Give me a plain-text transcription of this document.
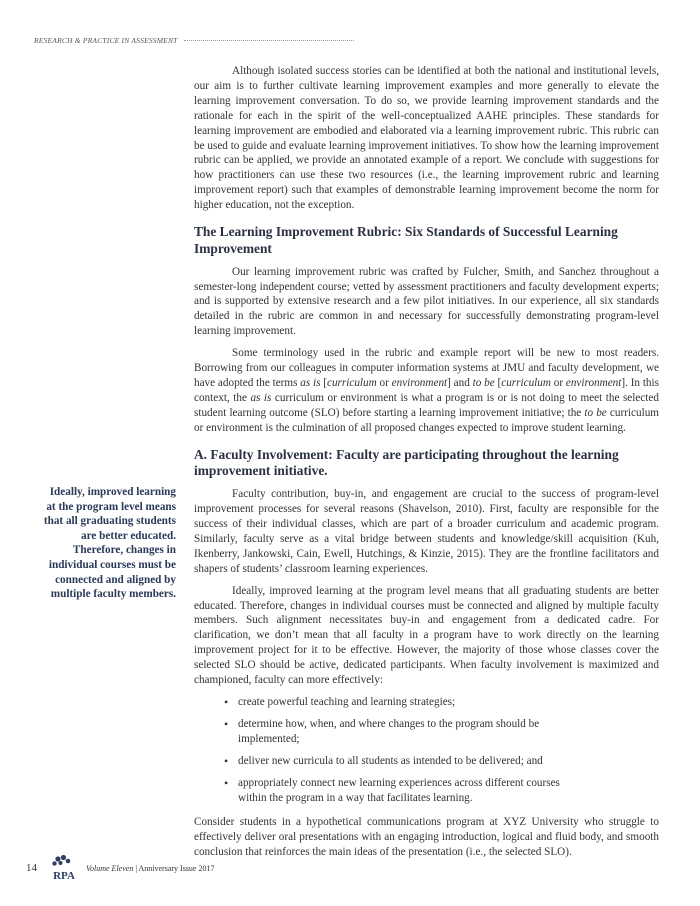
RESEARCH & PRACTICE IN ASSESSMENT

Although isolated success stories can be identified at both the national and institutional levels, our aim is to further cultivate learning improvement examples and more generally to elevate the learning improvement conversation. To do so, we provide learning improvement standards and the rationale for each in the spirit of the well-conceptualized AAHE principles. These standards for learning improvement are embodied and elaborated via a learning improvement rubric. This rubric can be used to guide and evaluate learning improvement initiatives. To show how the learning improvement rubric can be applied, we provide an annotated example of a report. We conclude with suggestions for how practitioners can use these two resources (i.e., the learning improvement rubric and learning improvement report) such that examples of demonstrable learning improvement become the norm for higher education, not the exception.

The Learning Improvement Rubric: Six Standards of Successful Learning Improvement

Our learning improvement rubric was crafted by Fulcher, Smith, and Sanchez throughout a semester-long independent course; vetted by assessment practitioners and faculty development experts; and is supported by extensive research and a few pilot initiatives. In our experience, all six standards detailed in the rubric are common in and necessary for successfully demonstrating program-level learning improvement.

Some terminology used in the rubric and example report will be new to most readers. Borrowing from our colleagues in computer information systems at JMU and faculty development, we have adopted the terms as is [curriculum or environment] and to be [curriculum or environment]. In this context, the as is curriculum or environment is what a program is or is not doing to meet the selected student learning outcome (SLO) before starting a learning improvement initiative; the to be curriculum or environment is the culmination of all proposed changes expected to improve student learning.

A. Faculty Involvement: Faculty are participating throughout the learning improvement initiative.

Faculty contribution, buy-in, and engagement are crucial to the success of program-level improvement processes for several reasons (Shavelson, 2010). First, faculty are responsible for the success of their individual classes, which are part of a broader curriculum and academic program. Similarly, faculty serve as a vital bridge between students and knowledge/skill acquisition (Kuh, Ikenberry, Jankowski, Cain, Ewell, Hutchings, & Kinzie, 2015). They are the frontline facilitators and shapers of students’ classroom learning experiences.

Ideally, improved learning at the program level means that all graduating students are better educated. Therefore, changes in individual courses must be connected and aligned by multiple faculty members. Such alignment necessitates buy-in and engagement from a dedicated cadre. For clarification, we don’t mean that all faculty in a program have to work directly on the learning improvement project for it to be effective. However, the majority of those whose classes cover the selected SLO should be active, dedicated participants. When faculty involvement is maximized and championed, faculty can more effectively:

• create powerful teaching and learning strategies;
• determine how, when, and where changes to the program should be implemented;
• deliver new curricula to all students as intended to be delivered; and
• appropriately connect new learning experiences across different courses within the program in a way that facilitates learning.

Consider students in a hypothetical communications program at XYZ University who struggle to effectively deliver oral presentations with an engaging introduction, logical and fluid body, and smooth conclusion that reinforces the main ideas of the presentation (i.e., the selected SLO).

Ideally, improved learning at the program level means that all graduating students are better educated. Therefore, changes in individual courses must be connected and aligned by multiple faculty members.
14
RPA
Volume Eleven | Anniversary Issue 2017
